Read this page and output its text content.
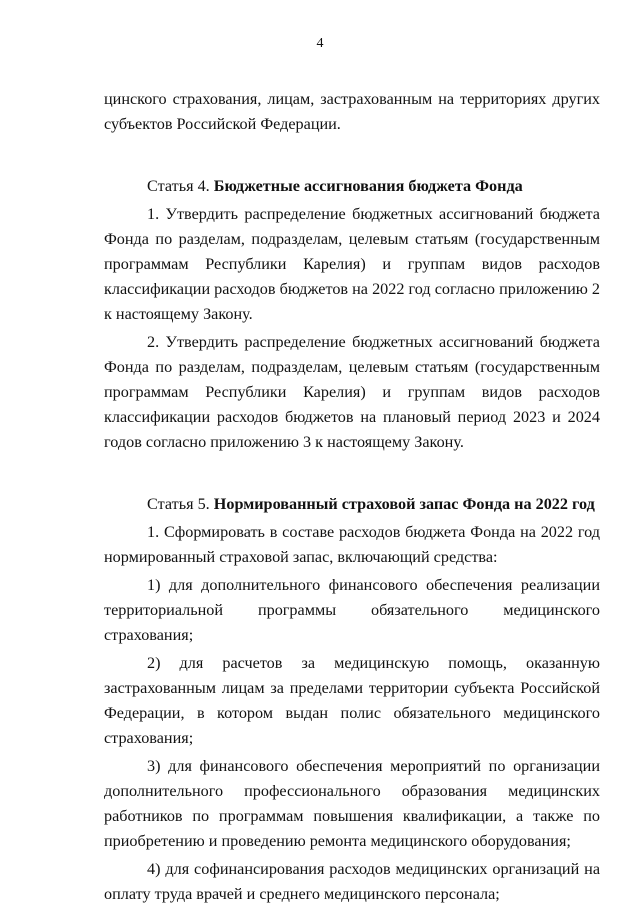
4

цинского страхования, лицам, застрахованным на территориях других субъектов Российской Федерации.

Статья 4. Бюджетные ассигнования бюджета Фонда

1. Утвердить распределение бюджетных ассигнований бюджета Фонда по разделам, подразделам, целевым статьям (государственным программам Республики Карелия) и группам видов расходов классификации расходов бюджетов на 2022 год согласно приложению 2 к настоящему Закону.

2. Утвердить распределение бюджетных ассигнований бюджета Фонда по разделам, подразделам, целевым статьям (государственным программам Республики Карелия) и группам видов расходов классификации расходов бюджетов на плановый период 2023 и 2024 годов согласно приложению 3 к настоящему Закону.

Статья 5. Нормированный страховой запас Фонда на 2022 год

1. Сформировать в составе расходов бюджета Фонда на 2022 год нормированный страховой запас, включающий средства:

1) для дополнительного финансового обеспечения реализации территориальной программы обязательного медицинского страхования;

2) для расчетов за медицинскую помощь, оказанную застрахованным лицам за пределами территории субъекта Российской Федерации, в котором выдан полис обязательного медицинского страхования;

3) для финансового обеспечения мероприятий по организации дополнительного профессионального образования медицинских работников по программам повышения квалификации, а также по приобретению и проведению ремонта медицинского оборудования;

4) для софинансирования расходов медицинских организаций на оплату труда врачей и среднего медицинского персонала;
